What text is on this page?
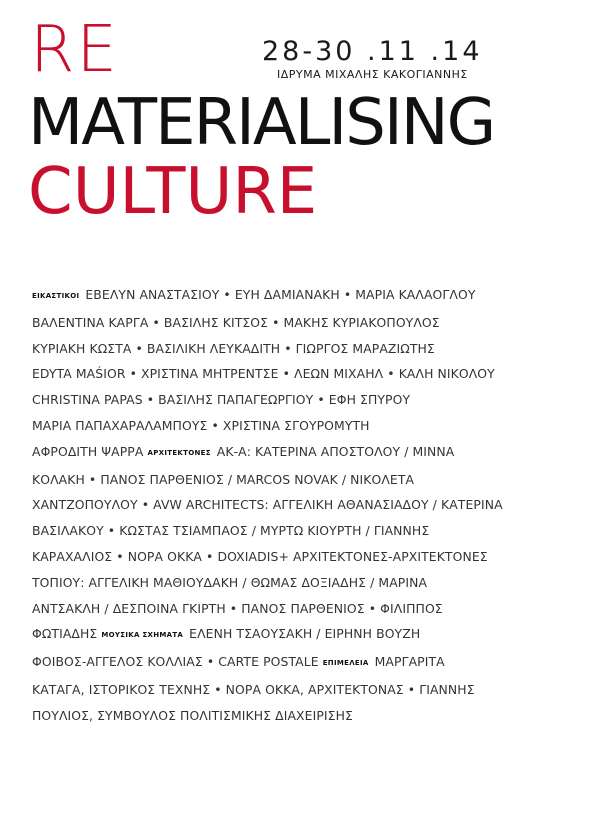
RE	28-30 .11 .14
ΙΔΡΥΜΑ ΜΙΧΑΛΗΣ ΚΑΚΟΓΙΑΝΝΗΣ
MATERIALISING
CULTURE
ΕΙΚΑΣΤΙΚΟΙ ΕΒΕΛΥΝ ΑΝΑΣΤΑΣΙΟΥ • ΕΥΗ ΔΑΜΙΑΝΑΚΗ • ΜΑΡΙΑ ΚΑΛΑΟΓΛΟΥ
ΒΑΛΕΝΤΙΝΑ ΚΑΡΓΑ • ΒΑΣΙΛΗΣ ΚΙΤΣΟΣ • ΜΑΚΗΣ ΚΥΡΙΑΚΟΠΟΥΛΟΣ
ΚΥΡΙΑΚΗ ΚΩΣΤΑ • ΒΑΣΙΛΙΚΗ ΛΕΥΚΑΔΙΤΗ • ΓΙΩΡΓΟΣ ΜΑΡΑΖΙΩΤΗΣ
EDYTA MAŚIOR • ΧΡΙΣΤΙΝΑ ΜΗΤΡΕΝΤΣΕ • ΛΕΩΝ ΜΙΧΑΗΛ • ΚΑΛΗ ΝΙΚΟΛΟΥ
CHRISTINA PAPAS • ΒΑΣΙΛΗΣ ΠΑΠΑΓΕΩΡΓΙΟΥ • ΕΦΗ ΣΠΥΡΟΥ
ΜΑΡΙΑ ΠΑΠΑΧΑΡΑΛΑΜΠΟΥΣ • ΧΡΙΣΤΙΝΑ ΣΓΟΥΡΟΜΥΤΗ
ΑΦΡΟΔΙΤΗ ΨΑΡΡΑ ΑΡΧΙΤΕΚΤΟΝΕΣ ΑΚ-Α: ΚΑΤΕΡΙΝΑ ΑΠΟΣΤΟΛΟΥ / ΜΙΝΝΑ
ΚΟΛΑΚΗ • ΠΑΝΟΣ ΠΑΡΘΕΝΙΟΣ / MARCOS NOVAK / ΝΙΚΟΛΕΤΑ
ΧΑΝΤΖΟΠΟΥΛΟΥ • AVW ARCHITECTS: ΑΓΓΕΛΙΚΗ ΑΘΑΝΑΣΙΑΔΟΥ / ΚΑΤΕΡΙΝΑ
ΒΑΣΙΛΑΚΟΥ • ΚΩΣΤΑΣ ΤΣΙΑΜΠΑΟΣ / ΜΥΡΤΩ ΚΙΟΥΡΤΗ / ΓΙΑΝΝΗΣ
ΚΑΡΑΧΑΛΙΟΣ • ΝΟΡΑ ΟΚΚΑ • DOXIADIS+ ΑΡΧΙΤΕΚΤΟΝΕΣ-ΑΡΧΙΤΕΚΤΟΝΕΣ
ΤΟΠΙΟΥ: ΑΓΓΕΛΙΚΗ ΜΑΘΙΟΥΔΑΚΗ / ΘΩΜΑΣ ΔΟΞΙΑΔΗΣ / ΜΑΡΙΝΑ
ΑΝΤΣΑΚΛΗ / ΔΕΣΠΟΙΝΑ ΓΚΙΡΤΗ • ΠΑΝΟΣ ΠΑΡΘΕΝΙΟΣ • ΦΙΛΙΠΠΟΣ
ΦΩΤΙΑΔΗΣ ΜΟΥΣΙΚΑ ΣΧΗΜΑΤΑ ΕΛΕΝΗ ΤΣΑΟΥΣΑΚΗ / ΕΙΡΗΝΗ ΒΟΥΖΗ
ΦΟΙΒΟΣ-ΑΓΓΕΛΟΣ ΚΟΛΛΙΑΣ • CARTE POSTALE ΕΠΙΜΕΛΕΙΑ ΜΑΡΓΑΡΙΤΑ
ΚΑΤΑΓΑ, ΙΣΤΟΡΙΚΟΣ ΤΕΧΝΗΣ • ΝΟΡΑ ΟΚΚΑ, ΑΡΧΙΤΕΚΤΟΝΑΣ • ΓΙΑΝΝΗΣ
ΠΟΥΛΙΟΣ, ΣΥΜΒΟΥΛΟΣ ΠΟΛΙΤΙΣΜΙΚΗΣ ΔΙΑΧΕΙΡΙΣΗΣ
